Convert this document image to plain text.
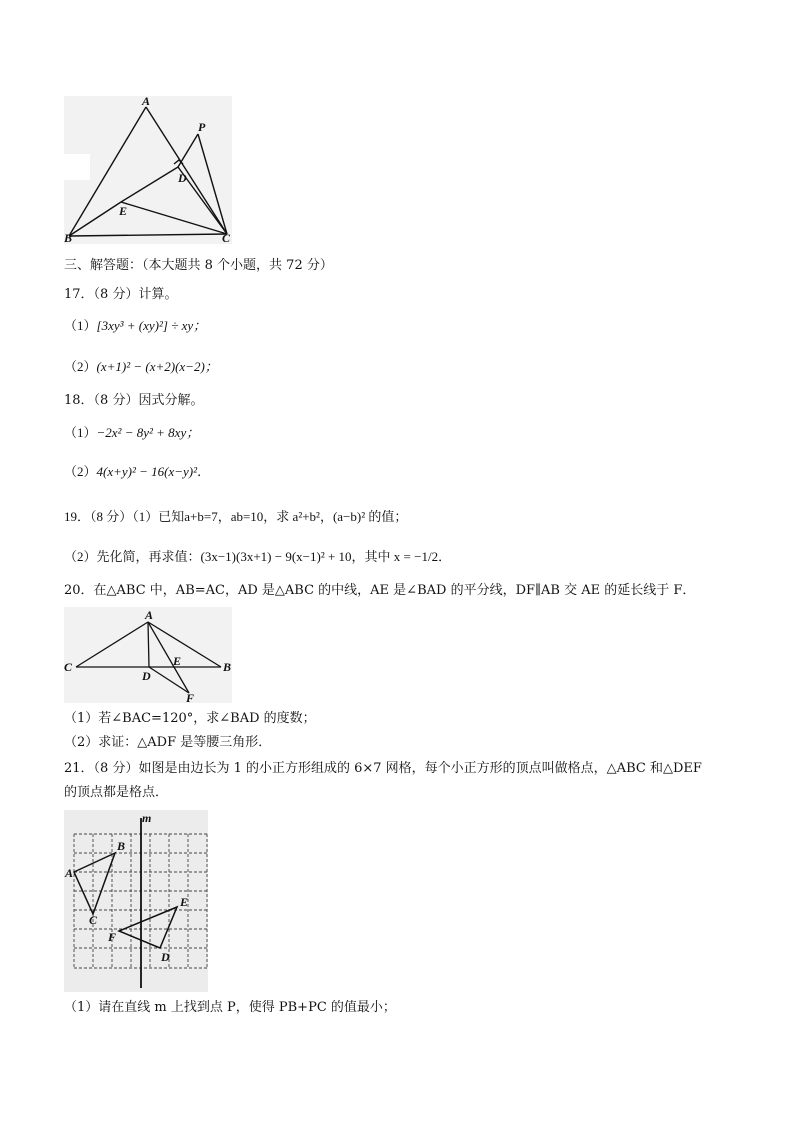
A
P
D
E
B	C
三、解答题：（本大题共 8 个小题，共 72 分）
17．（8 分）计算。
（1）[3xy³ + (xy)²] ÷ xy；
（2）(x+1)² − (x+2)(x−2)；
18．（8 分）因式分解。
（1）−2x² − 8y² + 8xy；
（2）4(x+y)² − 16(x−y)²．
19．（8 分）（1）已知a+b=7，ab=10，求 a²+b²，(a−b)² 的值；
（2）先化简，再求值：(3x−1)(3x+1) − 9(x−1)² + 10，其中 x = −1/2．
20．在△ABC 中，AB=AC，AD 是△ABC 的中线，AE 是∠BAD 的平分线，DF∥AB 交 AE 的延长线于 F．
A
C	B
D
E
F
（1）若∠BAC=120°，求∠BAD 的度数；
（2）求证：△ADF 是等腰三角形．
21．（8 分）如图是由边长为 1 的小正方形组成的 6×7 网格，每个小正方形的顶点叫做格点，△ABC 和△DEF
的顶点都是格点．
m
A
B
C
E
F
D
（1）请在直线 m 上找到点 P，使得 PB+PC 的值最小；
